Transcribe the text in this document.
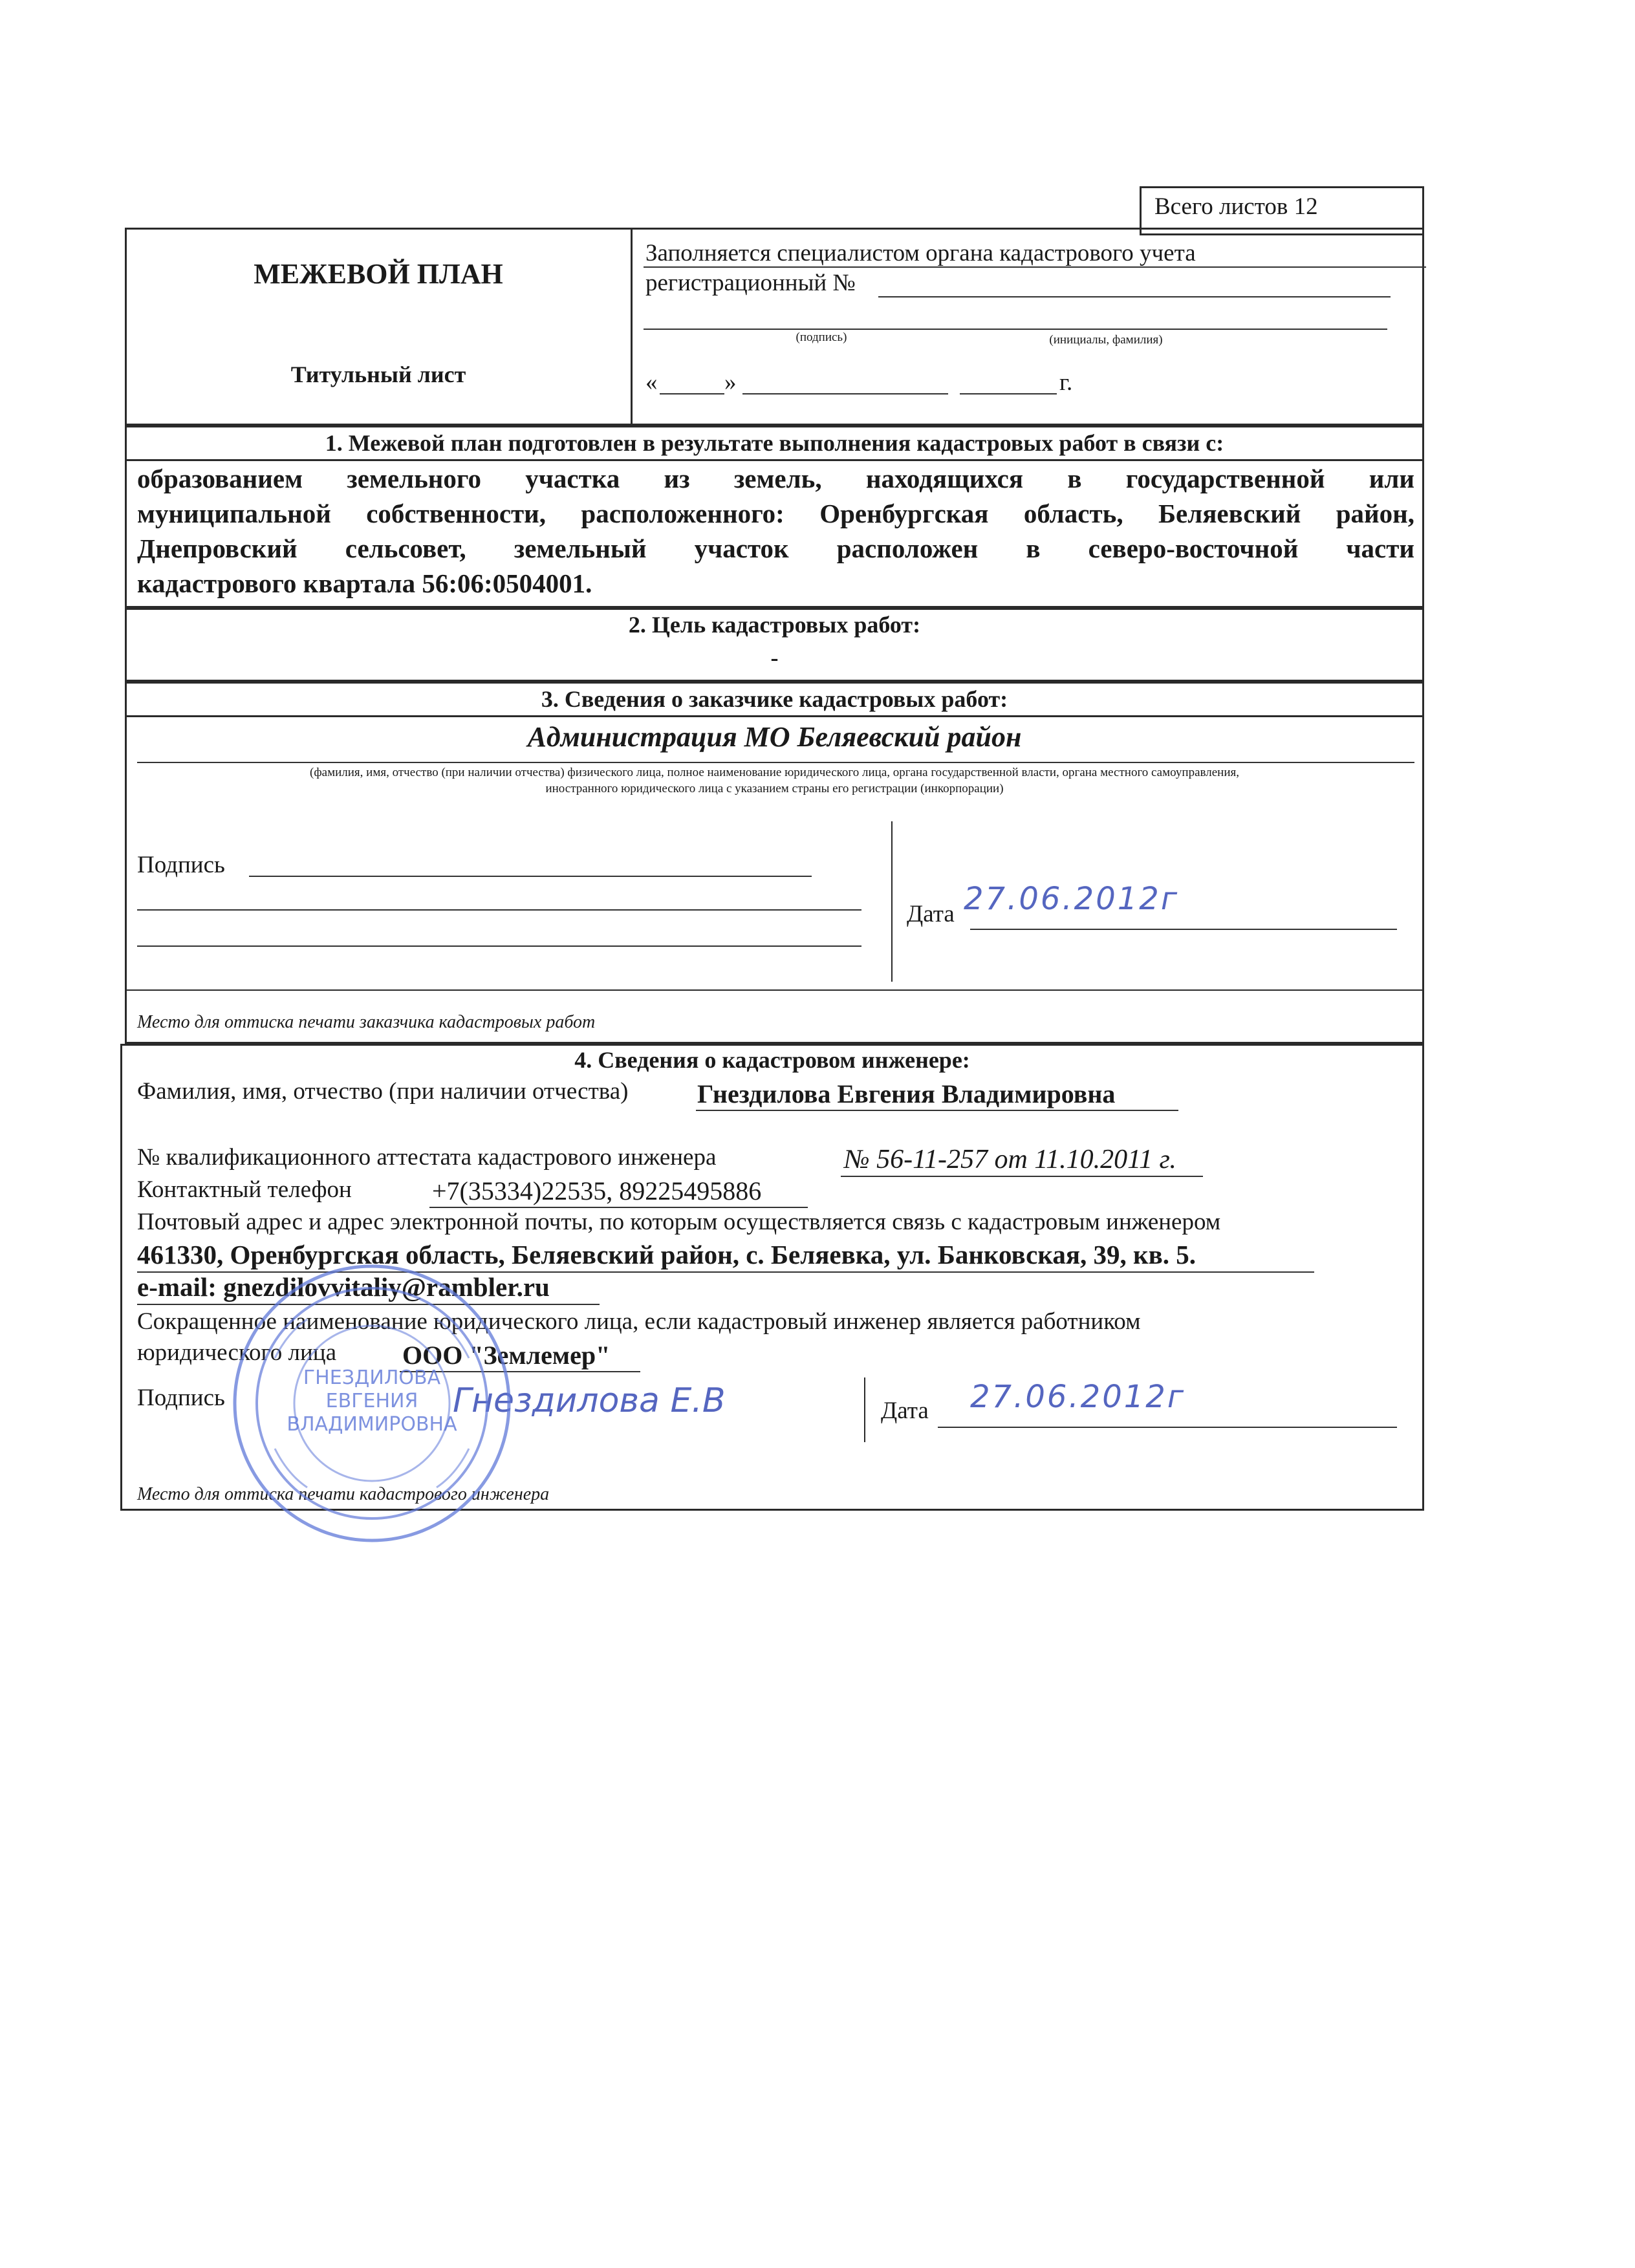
Всего листов 12
МЕЖЕВОЙ ПЛАН
Титульный лист
Заполняется специалистом органа кадастрового учета
регистрационный №
(подпись)	(инициалы, фамилия)
«	»	г.
1. Межевой план подготовлен в результате выполнения кадастровых работ в связи с:
образованием земельного участка из земель, находящихся в государственной или
муниципальной собственности, расположенного: Оренбургская область, Беляевский район,
Днепровский сельсовет, земельный участок расположен в северо-восточной части
кадастрового квартала 56:06:0504001.
2. Цель кадастровых работ:
-
3. Сведения о заказчике кадастровых работ:
Администрация МО Беляевский район
(фамилия, имя, отчество (при наличии отчества) физического лица, полное наименование юридического лица, органа государственной власти, органа местного самоуправления,
иностранного юридического лица с указанием страны его регистрации (инкорпорации)
Подпись
Дата 27.06.2012г
Место для оттиска печати заказчика кадастровых работ
4. Сведения о кадастровом инженере:
Фамилия, имя, отчество (при наличии отчества)	Гнездилова Евгения Владимировна
№ квалификационного аттестата кадастрового инженера	№ 56-11-257 от 11.10.2011 г.
Контактный телефон	+7(35334)22535, 89225495886
Почтовый адрес и адрес электронной почты, по которым осуществляется связь с кадастровым инженером
461330, Оренбургская область, Беляевский район, с. Беляевка, ул. Банковская, 39, кв. 5.
e-mail: gnezdilovvitaliy@rambler.ru
Сокращенное наименование юридического лица, если кадастровый инженер является работником
юридического лица	ООО "Землемер"
Подпись	Гнездилова Е.В	Дата 27.06.2012г
Место для оттиска печати кадастрового инженера
ГНЕЗДИЛОВА
ЕВГЕНИЯ
ВЛАДИМИРОВНА
